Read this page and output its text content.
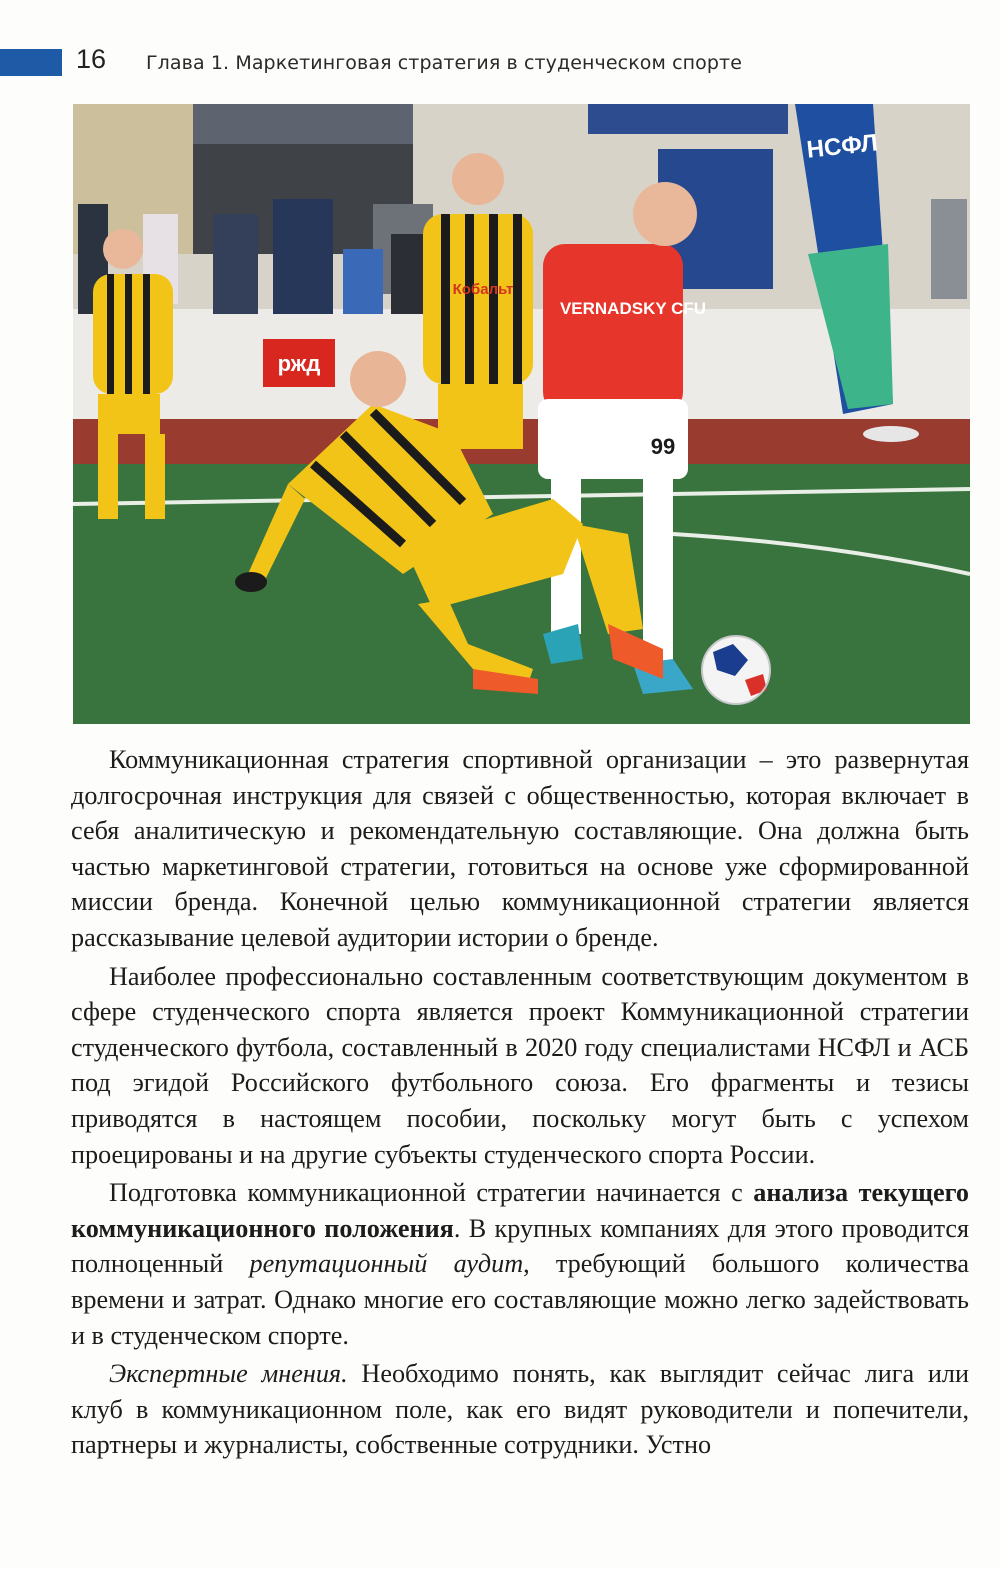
16 Глава 1. Маркетинговая стратегия в студенческом спорте
ржд
НСФЛ
Кобальт
VERNADSKY CFU
99

Коммуникационная стратегия спортивной организации – это развернутая долгосрочная инструкция для связей с общественностью, которая включает в себя аналитическую и рекомендательную составляющие. Она должна быть частью маркетинговой стратегии, готовиться на основе уже сформированной миссии бренда. Конечной целью коммуникационной стратегии является рассказывание целевой аудитории истории о бренде.

Наиболее профессионально составленным соответствующим документом в сфере студенческого спорта является проект Коммуникационной стратегии студенческого футбола, составленный в 2020 году специалистами НСФЛ и АСБ под эгидой Российского футбольного союза. Его фрагменты и тезисы приводятся в настоящем пособии, поскольку могут быть с успехом проецированы и на другие субъекты студенческого спорта России.

Подготовка коммуникационной стратегии начинается с анализа текущего коммуникационного положения. В крупных компаниях для этого проводится полноценный репутационный аудит, требующий большого количества времени и затрат. Однако многие его составляющие можно легко задействовать и в студенческом спорте.

Экспертные мнения. Необходимо понять, как выглядит сейчас лига или клуб в коммуникационном поле, как его видят руководители и попечители, партнеры и журналисты, собственные сотрудники. Устно
